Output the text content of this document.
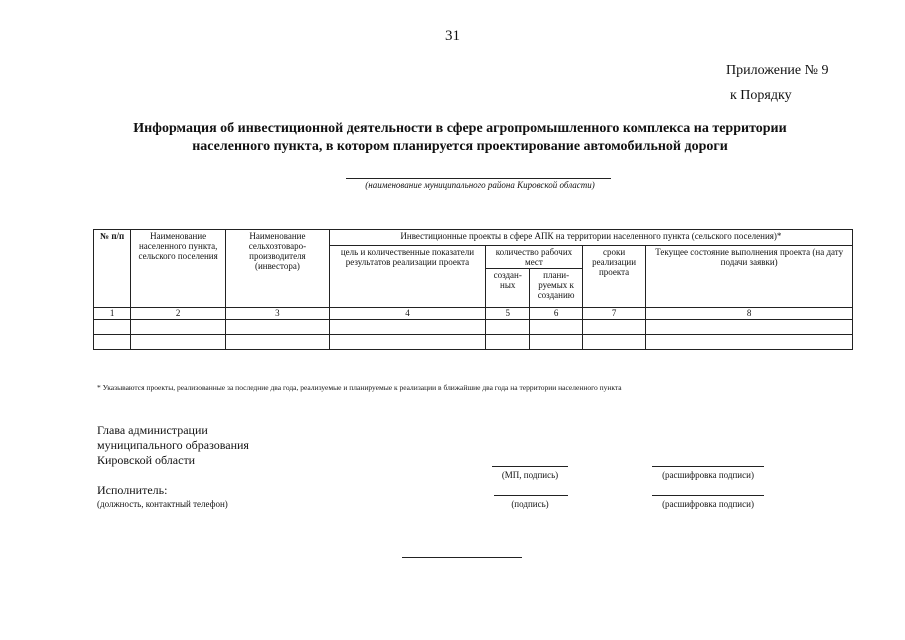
31
Приложение № 9
к Порядку
Информация об инвестиционной деятельности в сфере агропромышленного комплекса на территории
населенного пункта, в котором планируется проектирование автомобильной дороги
(наименование муниципального района Кировской области)
№ п/п	Наименование населенного пункта, сельского поселения	Наименование сельхозтоваро-производителя (инвестора)	Инвестиционные проекты в сфере АПК на территории населенного пункта (сельского поселения)*				
			цель и количественные показатели результатов реализации проекта	количество рабочих мест		сроки реализации проекта	Текущее состояние выполнения проекта (на дату подачи заявки)
				создан-ных	плани-руемых к созданию		
1	2	3	4	5	6	7	8

* Указываются проекты, реализованные за последние два года, реализуемые и планируемые к реализации в ближайшие два года на территории населенного пункта
Глава администрации
муниципального образования
Кировской области
(МП, подпись)	(расшифровка подписи)
Исполнитель:
(должность, контактный телефон)	(подпись)	(расшифровка подписи)
